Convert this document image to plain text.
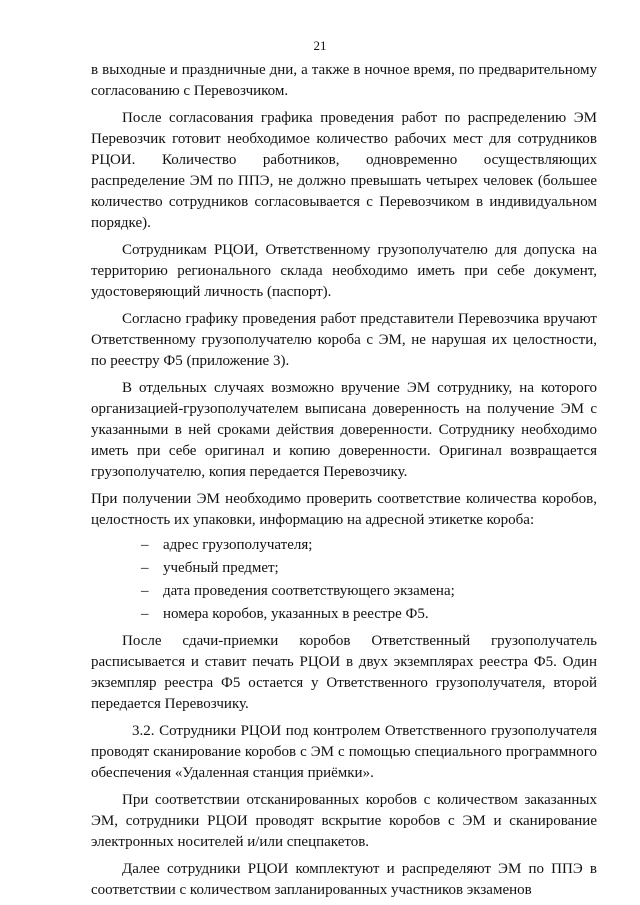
21

в выходные и праздничные дни, а также в ночное время, по предварительному согласованию с Перевозчиком.

После согласования графика проведения работ по распределению ЭМ Перевозчик готовит необходимое количество рабочих мест для сотрудников РЦОИ. Количество работников, одновременно осуществляющих распределение ЭМ по ППЭ, не должно превышать четырех человек (большее количество сотрудников согласовывается с Перевозчиком в индивидуальном порядке).

Сотрудникам РЦОИ, Ответственному грузополучателю для допуска на территорию регионального склада необходимо иметь при себе документ, удостоверяющий личность (паспорт).

Согласно графику проведения работ представители Перевозчика вручают Ответственному грузополучателю короба с ЭМ, не нарушая их целостности, по реестру Ф5 (приложение 3).

В отдельных случаях возможно вручение ЭМ сотруднику, на которого организацией-грузополучателем выписана доверенность на получение ЭМ с указанными в ней сроками действия доверенности. Сотруднику необходимо иметь при себе оригинал и копию доверенности. Оригинал возвращается грузополучателю, копия передается Перевозчику.

При получении ЭМ необходимо проверить соответствие количества коробов, целостность их упаковки, информацию на адресной этикетке короба:

– адрес грузополучателя;
– учебный предмет;
– дата проведения соответствующего экзамена;
– номера коробов, указанных в реестре Ф5.

После сдачи-приемки коробов Ответственный грузополучатель расписывается и ставит печать РЦОИ в двух экземплярах реестра Ф5. Один экземпляр реестра Ф5 остается у Ответственного грузополучателя, второй передается Перевозчику.

3.2. Сотрудники РЦОИ под контролем Ответственного грузополучателя проводят сканирование коробов с ЭМ с помощью специального программного обеспечения «Удаленная станция приёмки».

При соответствии отсканированных коробов с количеством заказанных ЭМ, сотрудники РЦОИ проводят вскрытие коробов с ЭМ и сканирование электронных носителей и/или спецпакетов.

Далее сотрудники РЦОИ комплектуют и распределяют ЭМ по ППЭ в соответствии с количеством запланированных участников экзаменов
